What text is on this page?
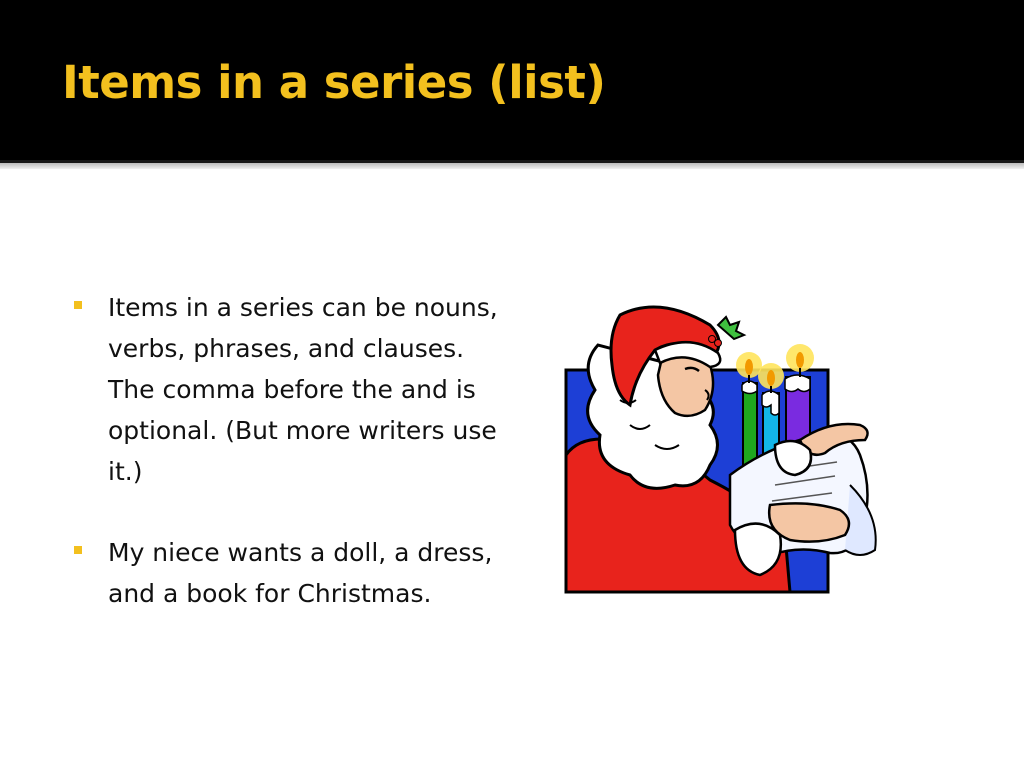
Items in a series (list)
Items in a series can be nouns, verbs, phrases, and clauses. The comma before the and is optional. (But more writers use it.)
My niece wants a doll, a dress, and a book for Christmas.
